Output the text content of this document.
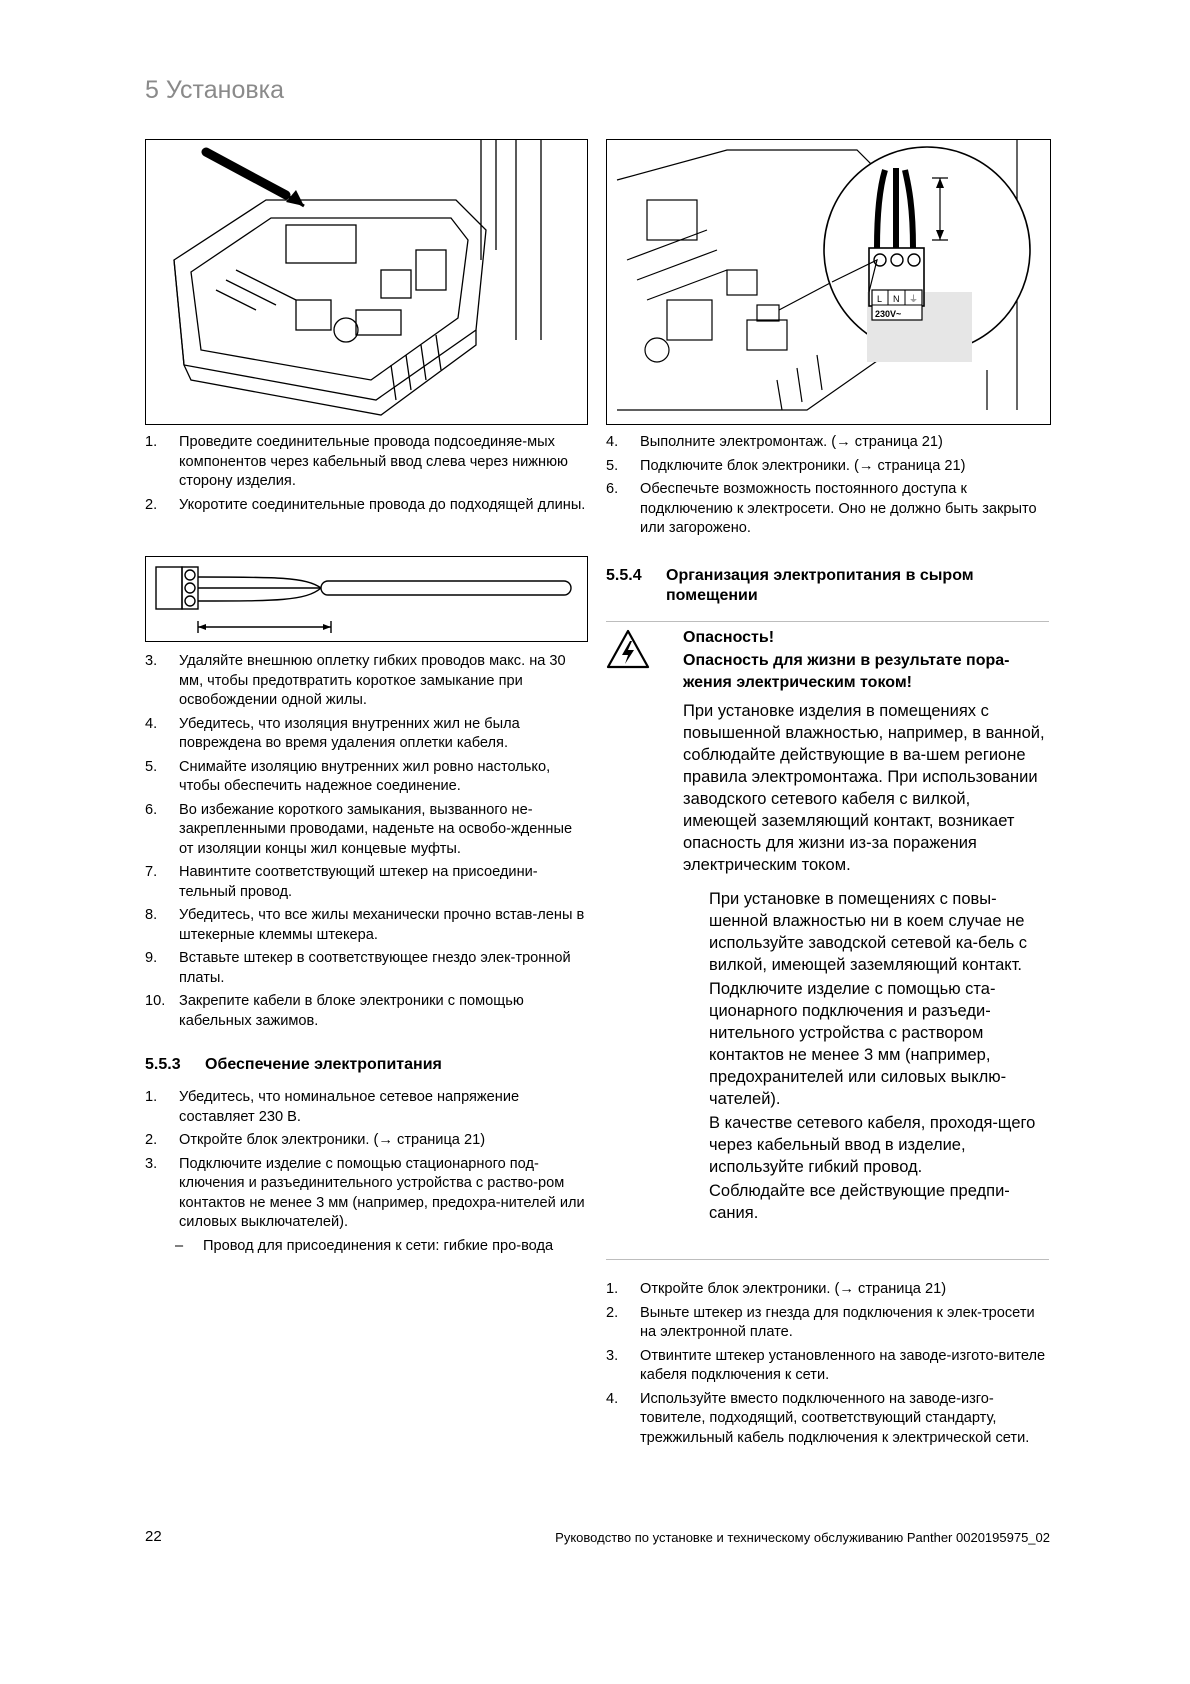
5 Установка
L N ⏚
230V~
1. Проведите соединительные провода подсоединяе-мых компонентов через кабельный ввод слева через нижнюю сторону изделия.
2. Укоротите соединительные провода до подходящей длины.
3. Удаляйте внешнюю оплетку гибких проводов макс. на 30 мм, чтобы предотвратить короткое замыкание при освобождении одной жилы.
4. Убедитесь, что изоляция внутренних жил не была повреждена во время удаления оплетки кабеля.
5. Снимайте изоляцию внутренних жил ровно настолько, чтобы обеспечить надежное соединение.
6. Во избежание короткого замыкания, вызванного не-закрепленными проводами, наденьте на освобо-жденные от изоляции концы жил концевые муфты.
7. Навинтите соответствующий штекер на присоедини-тельный провод.
8. Убедитесь, что все жилы механически прочно встав-лены в штекерные клеммы штекера.
9. Вставьте штекер в соответствующее гнездо элек-тронной платы.
10. Закрепите кабели в блоке электроники с помощью кабельных зажимов.
5.5.3	Обеспечение электропитания
1. Убедитесь, что номинальное сетевое напряжение составляет 230 В.
2. Откройте блок электроники. (→ страница 21)
3. Подключите изделие с помощью стационарного под-ключения и разъединительного устройства с раство-ром контактов не менее 3 мм (например, предохра-нителей или силовых выключателей).
– Провод для присоединения к сети: гибкие про-вода
4. Выполните электромонтаж. (→ страница 21)
5. Подключите блок электроники. (→ страница 21)
6. Обеспечьте возможность постоянного доступа к подключению к электросети. Оно не должно быть закрыто или загорожено.
5.5.4	Организация электропитания в сыром помещении

Опасность!

Опасность для жизни в результате пора-жения электрическим током!

При установке изделия в помещениях с повышенной влажностью, например, в ванной, соблюдайте действующие в ва-шем регионе правила электромонтажа. При использовании заводского сетевого кабеля с вилкой, имеющей заземляющий контакт, возникает опасность для жизни из-за поражения электрическим током.

При установке в помещениях с повы-шенной влажностью ни в коем случае не используйте заводской сетевой ка-бель с вилкой, имеющей заземляющий контакт.

Подключите изделие с помощью ста-ционарного подключения и разъеди-нительного устройства с раствором контактов не менее 3 мм (например, предохранителей или силовых выклю-чателей).

В качестве сетевого кабеля, проходя-щего через кабельный ввод в изделие, используйте гибкий провод.

Соблюдайте все действующие предпи-сания.

1. Откройте блок электроники. (→ страница 21)
2. Выньте штекер из гнезда для подключения к элек-тросети на электронной плате.
3. Отвинтите штекер установленного на заводе-изгото-вителе кабеля подключения к сети.
4. Используйте вместо подключенного на заводе-изго-товителе, подходящий, соответствующий стандарту, трежжильный кабель подключения к электрической сети.
22	Руководство по установке и техническому обслуживанию Panther 0020195975_02
